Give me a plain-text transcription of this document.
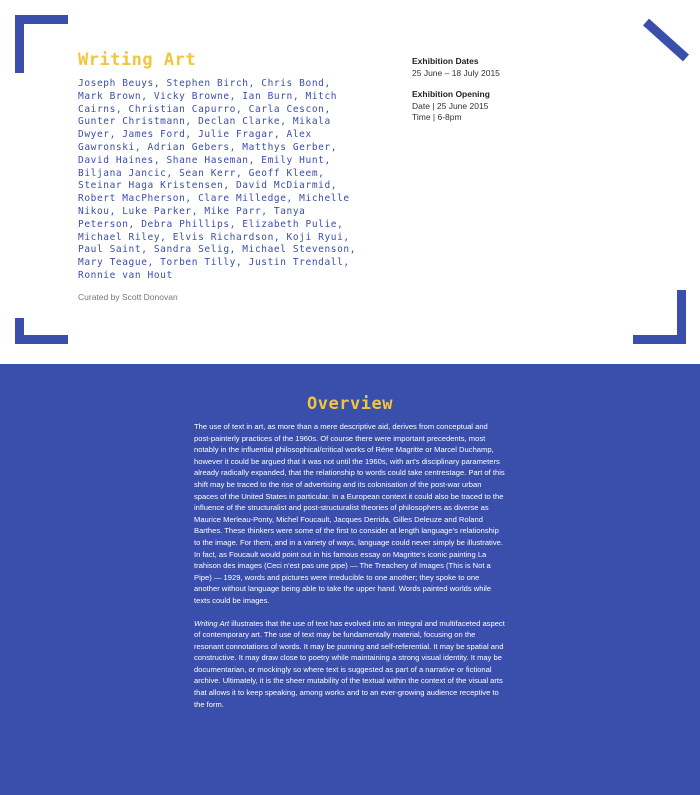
Writing Art

Joseph Beuys, Stephen Birch, Chris Bond, Mark Brown, Vicky Browne, Ian Burn, Mitch Cairns, Christian Capurro, Carla Cescon, Gunter Christmann, Declan Clarke, Mikala Dwyer, James Ford, Julie Fragar, Alex Gawronski, Adrian Gebers, Matthys Gerber, David Haines, Shane Haseman, Emily Hunt, Biljana Jancic, Sean Kerr, Geoff Kleem, Steinar Haga Kristensen, David McDiarmid, Robert MacPherson, Clare Milledge, Michelle Nikou, Luke Parker, Mike Parr, Tanya Peterson, Debra Phillips, Elizabeth Pulie, Michael Riley, Elvis Richardson, Koji Ryui, Paul Saint, Sandra Selig, Michael Stevenson, Mary Teague, Torben Tilly, Justin Trendall, Ronnie van Hout

Curated by Scott Donovan

Exhibition Dates
25 June – 18 July 2015
Exhibition Opening
Date | 25 June 2015
Time | 6-8pm
Overview

The use of text in art, as more than a mere descriptive aid, derives from conceptual and post-painterly practices of the 1960s. Of course there were important precedents, most notably in the influential philosophical/critical works of Réne Magritte or Marcel Duchamp, however it could be argued that it was not until the 1960s, with art's disciplinary parameters already radically expanded, that the relationship to words could take centrestage. Part of this shift may be traced to the rise of advertising and its colonisation of the post-war urban spaces of the United States in particular. In a European context it could also be traced to the influence of the structuralist and post-structuralist theories of philosophers as diverse as Maurice Merleau-Ponty, Michel Foucault, Jacques Derrida, Gilles Deleuze and Roland Barthes. These thinkers were some of the first to consider at length language's relationship to the image. For them, and in a variety of ways, language could never simply be illustrative. In fact, as Foucault would point out in his famous essay on Magritte's iconic painting La trahison des images (Ceci n'est pas une pipe) — The Treachery of Images (This is Not a Pipe) — 1929, words and pictures were irreducible to one another; they spoke to one another without language being able to take the upper hand. Words painted worlds while texts could be images.

Writing Art illustrates that the use of text has evolved into an integral and multifaceted aspect of contemporary art. The use of text may be fundamentally material, focusing on the resonant connotations of words. It may be punning and self-referential. It may be spatial and constructive. It may draw close to poetry while maintaining a strong visual identity. It may be documentarian, or mockingly so where text is suggested as part of a narrative or fictional archive. Ultimately, it is the sheer mutability of the textual within the context of the visual arts that allows it to keep speaking, among works and to an ever-growing audience receptive to the form.
